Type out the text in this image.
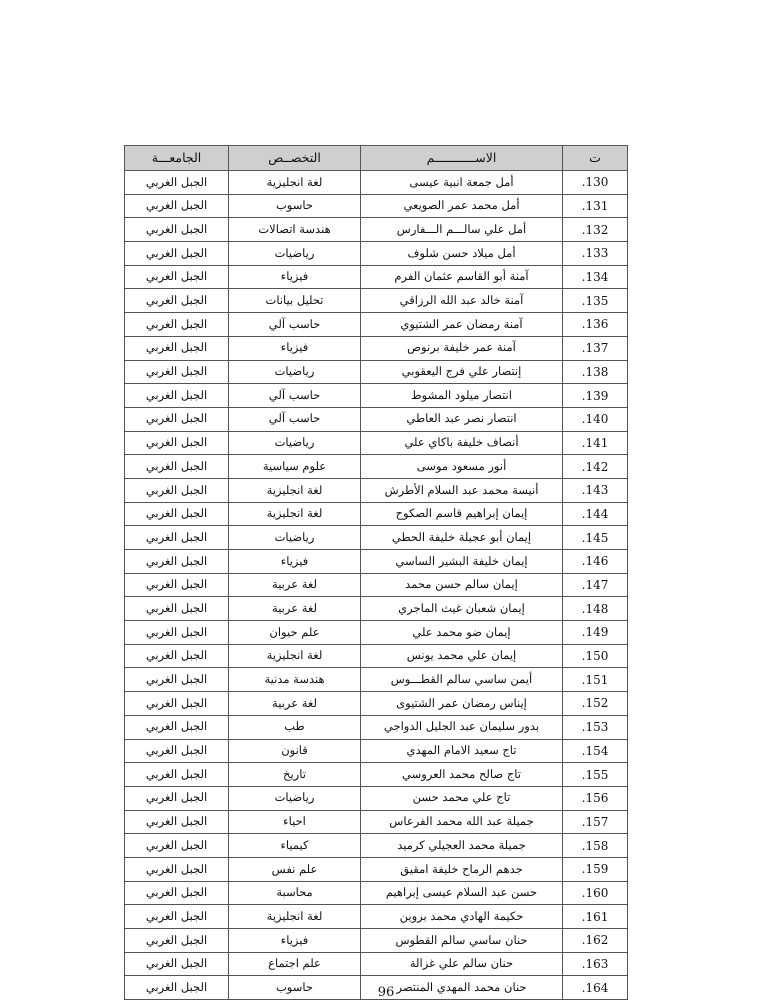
ت	الاســـــــــــم	التخصــص	الجامعـــة
.130	أمل جمعة انبية عيسى	لغة انجليزية	الجبل الغربي
.131	أمل محمد عمر الصويعي	حاسوب	الجبل الغربي
.132	أمل علي سالـــم الـــفارس	هندسة اتصالات	الجبل الغربي
.133	أمل ميلاد حسن شلوف	رياضيات	الجبل الغربي
.134	آمنة أبو القاسم عثمان الفرم	فيزياء	الجبل الغربي
.135	آمنة خالد عبد الله الرزاقي	تحليل بيانات	الجبل الغربي
.136	آمنة رمضان عمر الشتيوي	حاسب آلي	الجبل الغربي
.137	آمنة عمر خليفة برنوص	فيزياء	الجبل الغربي
.138	إنتصار علي فرج اليعقوبي	رياضيات	الجبل الغربي
.139	انتصار ميلود المشوط	حاسب آلي	الجبل الغربي
.140	انتصار نصر عبد العاطي	حاسب آلي	الجبل الغربي
.141	أنصاف خليفة باكاي علي	رياضيات	الجبل الغربي
.142	أنور مسعود موسى	علوم سياسية	الجبل الغربي
.143	أنيسة محمد عبد السلام الأطرش	لغة انجليزية	الجبل الغربي
.144	إيمان إبراهيم قاسم الصكوح	لغة انجليزية	الجبل الغربي
.145	إيمان أبو عجيلة خليفة الحطي	رياضيات	الجبل الغربي
.146	إيمان خليفة البشير الساسي	فيزياء	الجبل الغربي
.147	إيمان سالم حسن محمد	لغة عربية	الجبل الغربي
.148	إيمان شعبان غيث الماجري	لغة عربية	الجبل الغربي
.149	إيمان ضو محمد علي	علم حيوان	الجبل الغربي
.150	إيمان علي محمد يونس	لغة انجليزية	الجبل الغربي
.151	أيمن ساسي سالم القطـــوس	هندسة مدنية	الجبل الغربي
.152	إيناس رمضان عمر الشتيوى	لغة عربية	الجبل الغربي
.153	بدور سليمان عبد الجليل الدواجي	طب	الجبل الغربي
.154	تاج سعيد الامام المهدي	قانون	الجبل الغربي
.155	تاج صالح محمد العروسي	تاريخ	الجبل الغربي
.156	تاج علي محمد حسن	رياضيات	الجبل الغربي
.157	جميلة عبد الله محمد الفرعاس	احياء	الجبل الغربي
.158	جميلة محمد العجيلي كرميد	كيمياء	الجبل الغربي
.159	جدهم الرماح خليفة امقيق	علم نفس	الجبل الغربي
.160	حسن عبد السلام عيسى إبراهيم	محاسبة	الجبل الغربي
.161	حكيمة الهادي محمد بروين	لغة انجليزية	الجبل الغربي
.162	حنان ساسي سالم القطوس	فيزياء	الجبل الغربي
.163	حنان سالم علي غزالة	علم اجتماع	الجبل الغربي
.164	حنان محمد المهدي المنتصر	حاسوب	الجبل الغربي	96
